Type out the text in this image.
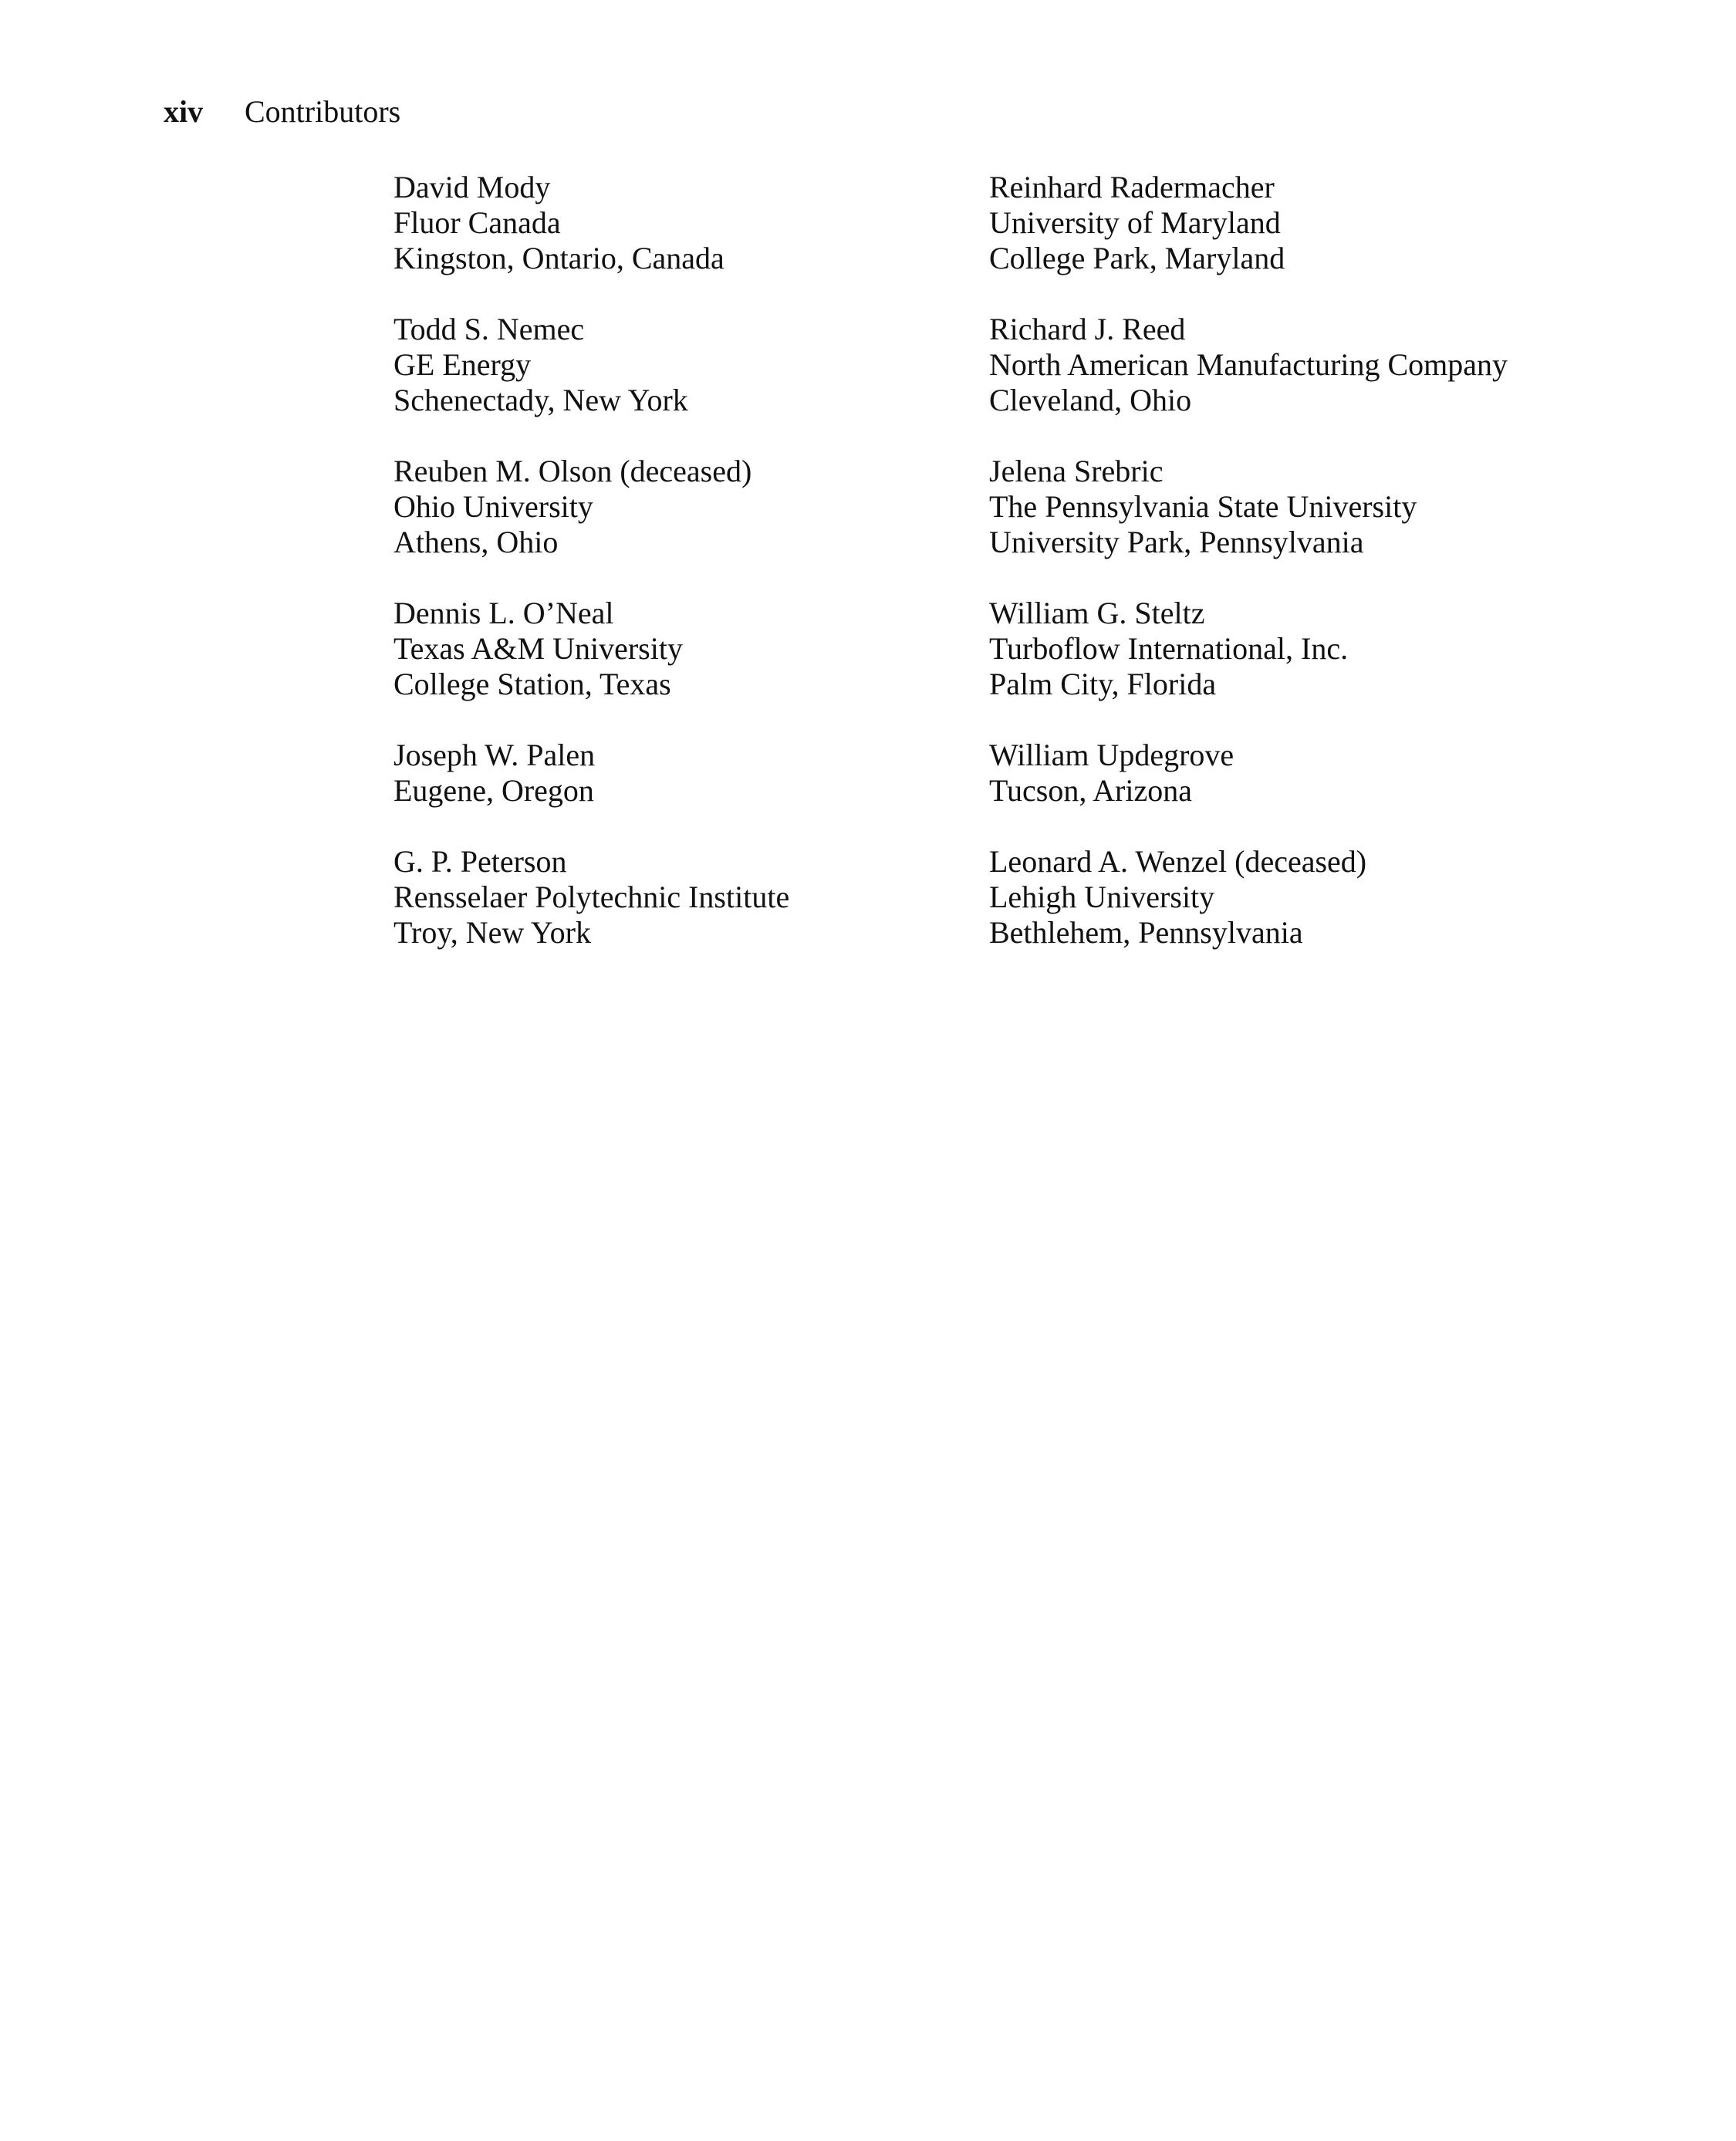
xiv	Contributors
David Mody
Fluor Canada
Kingston, Ontario, Canada
Todd S. Nemec
GE Energy
Schenectady, New York
Reuben M. Olson (deceased)
Ohio University
Athens, Ohio
Dennis L. O’Neal
Texas A&M University
College Station, Texas
Joseph W. Palen
Eugene, Oregon
G. P. Peterson
Rensselaer Polytechnic Institute
Troy, New York
Reinhard Radermacher
University of Maryland
College Park, Maryland
Richard J. Reed
North American Manufacturing Company
Cleveland, Ohio
Jelena Srebric
The Pennsylvania State University
University Park, Pennsylvania
William G. Steltz
Turboflow International, Inc.
Palm City, Florida
William Updegrove
Tucson, Arizona
Leonard A. Wenzel (deceased)
Lehigh University
Bethlehem, Pennsylvania
